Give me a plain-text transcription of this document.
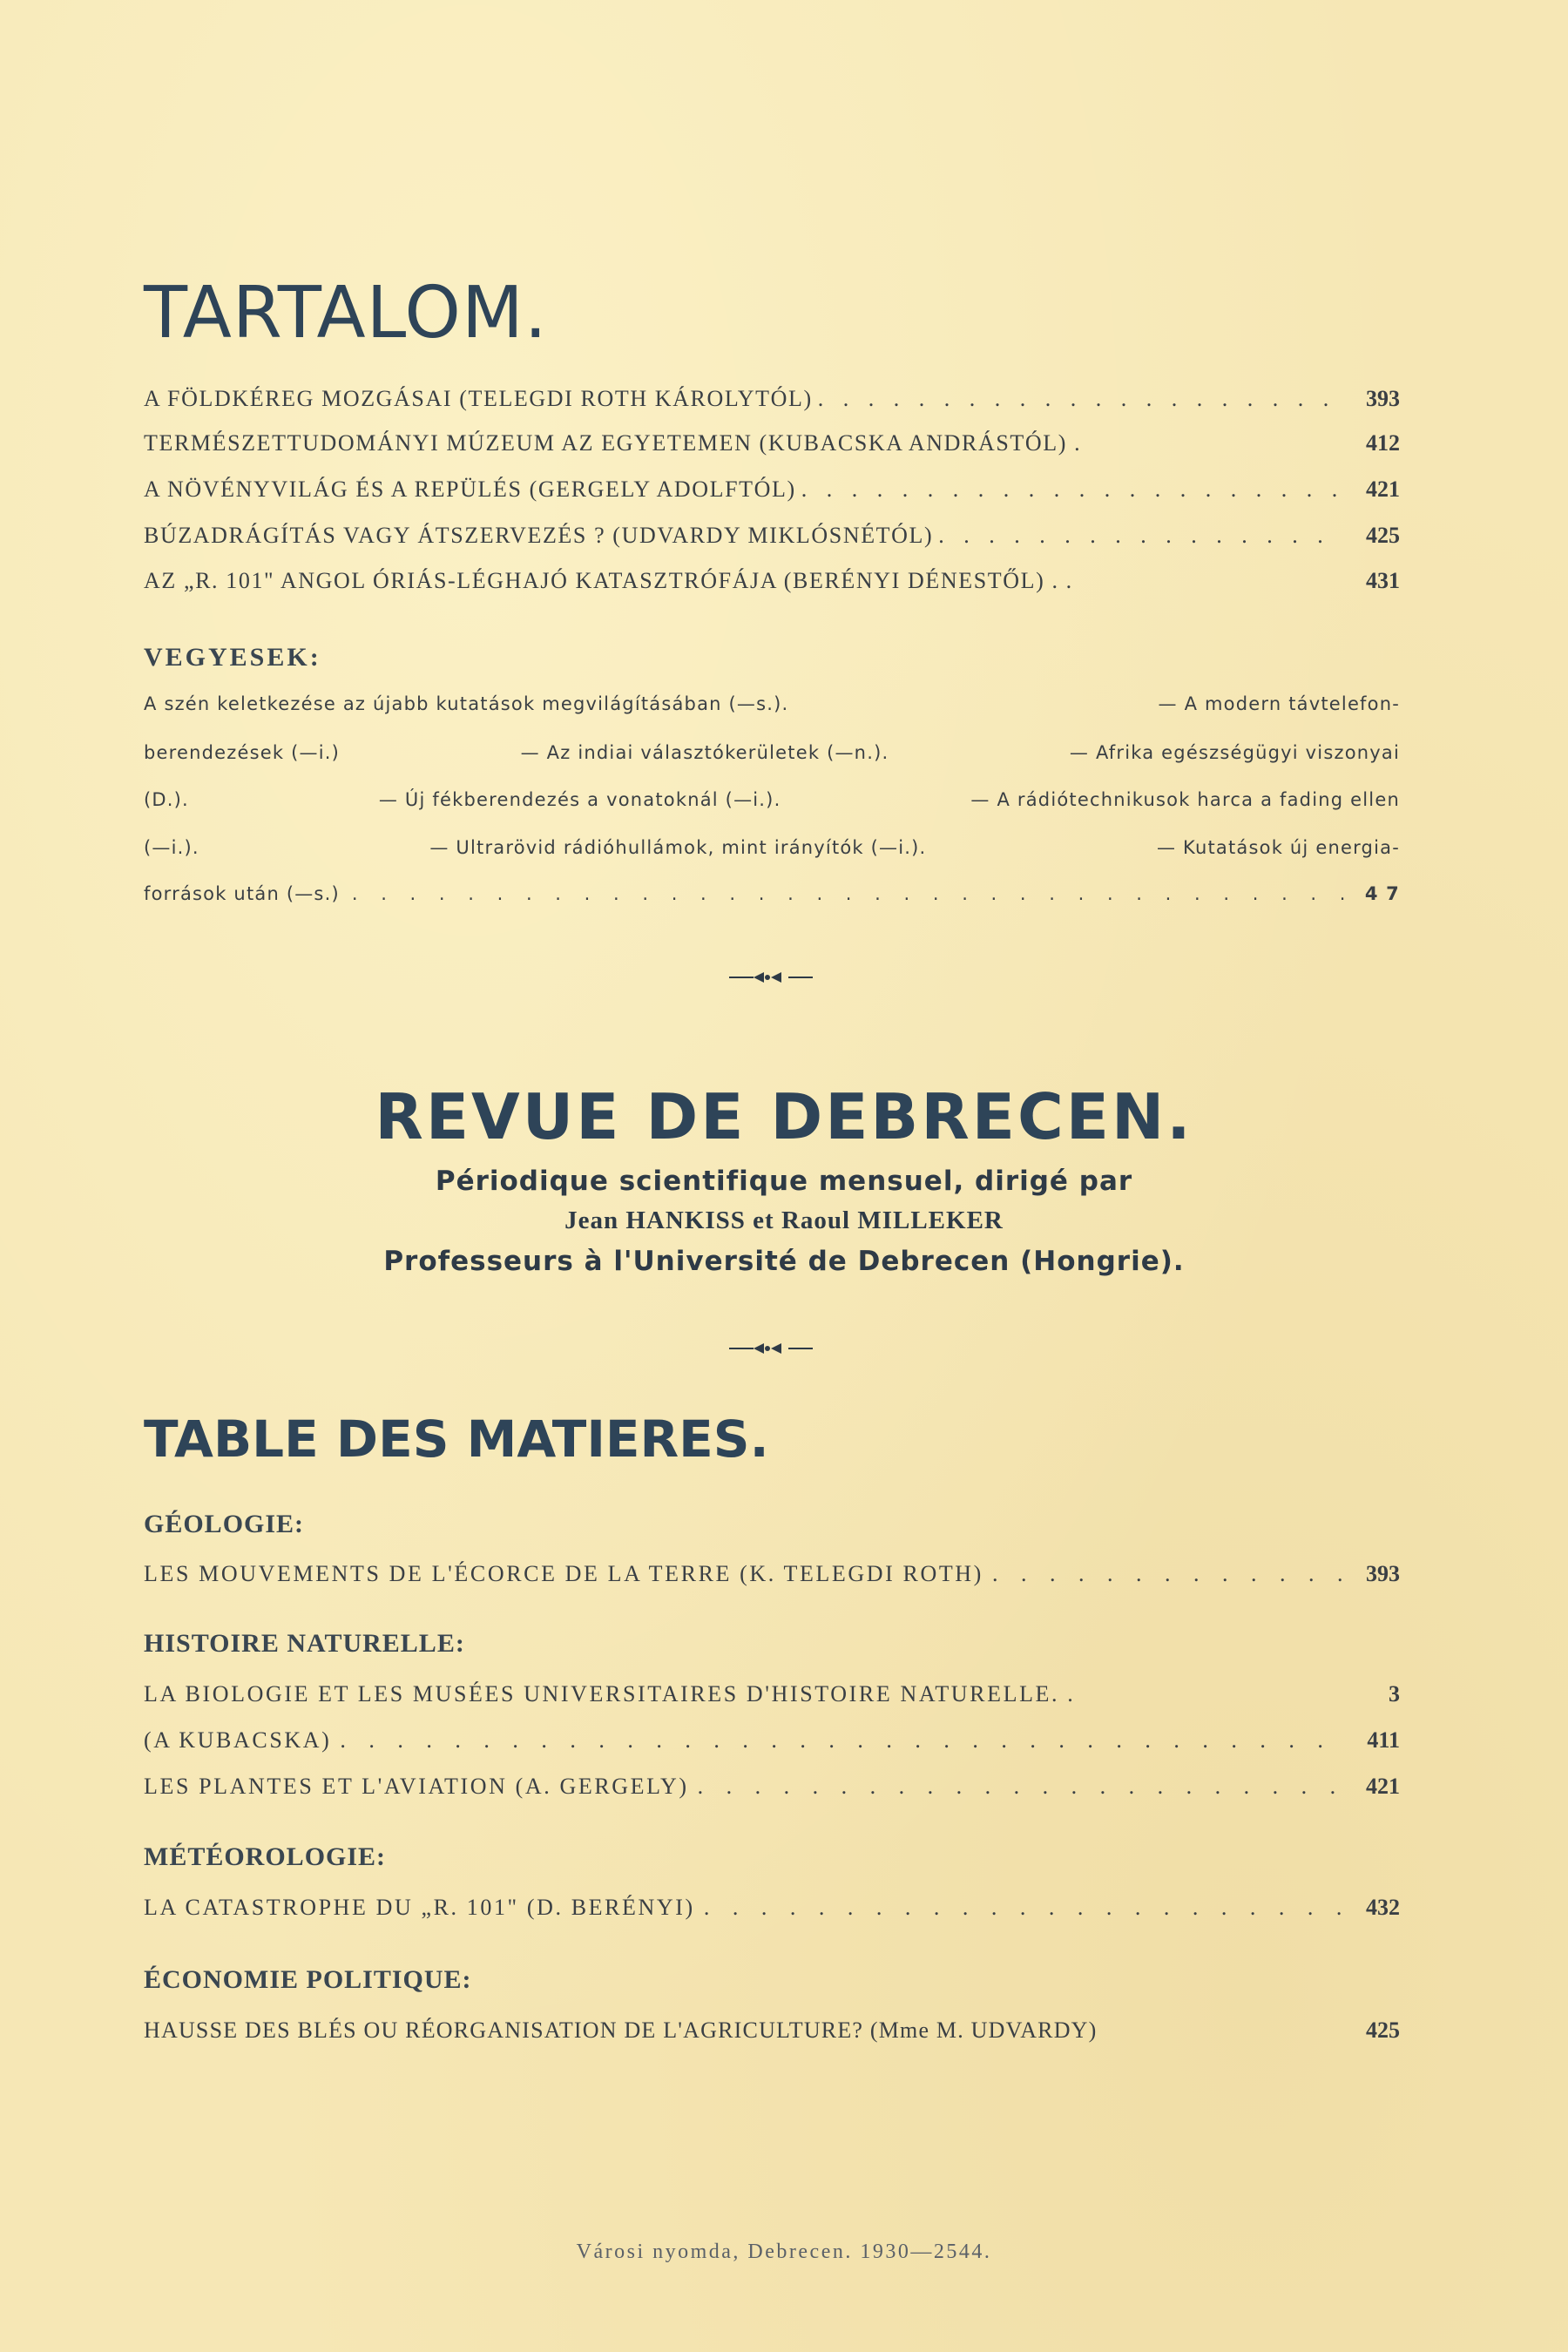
TARTALOM.
A FÖLDKÉREG MOZGÁSAI (TELEGDI ROTH KÁROLYTÓL) . . .	393
TERMÉSZETTUDOMÁNYI MÚZEUM AZ EGYETEMEN (KUBACSKA ANDRÁSTÓL) .	412
A NÖVÉNYVILÁG ÉS A REPÜLÉS (GERGELY ADOLFTÓL) . . .	421
BÚZADRÁGÍTÁS VAGY ÁTSZERVEZÉS ? (UDVARDY MIKLÓSNÉTÓL) . . .	425
AZ „R. 101" ANGOL ÓRIÁS-LÉGHAJÓ KATASZTRÓFÁJA (BERÉNYI DÉNESTŐL) . .	431
VEGYESEK:
A szén keletkezése az újabb kutatások megvilágításában (—s.).	— A modern távtelefon-
berendezések (—i.)	— Az indiai választókerületek (—n.).	— Afrika egészségügyi viszonyai
(D.).	— Új fékberendezés a vonatoknál (—i.).	— A rádiótechnikusok harca a fading ellen
(—i.).	— Ultrarövid rádióhullámok, mint irányítók (—i.).	— Kutatások új energia-
források után (—s.) . . .	4 7
REVUE DE DEBRECEN.
Périodique scientifique mensuel, dirigé par
Jean HANKISS et Raoul MILLEKER
Professeurs à l'Université de Debrecen (Hongrie).
TABLE DES MATIERES.
GÉOLOGIE:
LES MOUVEMENTS DE L'ÉCORCE DE LA TERRE (K. TELEGDI ROTH) . . .	393
HISTOIRE NATURELLE:
LA BIOLOGIE ET LES MUSÉES UNIVERSITAIRES D'HISTOIRE NATURELLE. .	3
(A KUBACSKA) . . .	411
LES PLANTES ET L'AVIATION (A. GERGELY) . . .	421
MÉTÉOROLOGIE:
LA CATASTROPHE DU „R. 101" (D. BERÉNYI) . . .	432
ÉCONOMIE POLITIQUE:
HAUSSE DES BLÉS OU RÉORGANISATION DE L'AGRICULTURE? (Mme M. UDVARDY)	425
Városi nyomda, Debrecen. 1930—2544.
